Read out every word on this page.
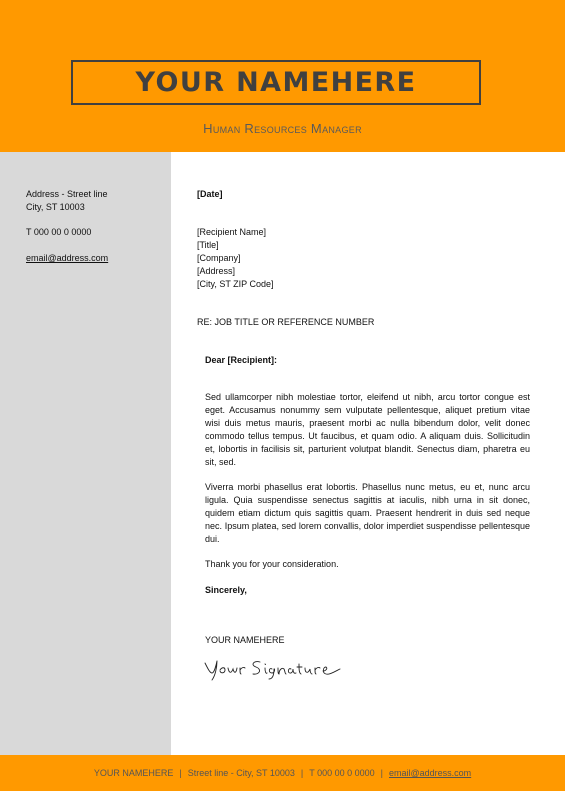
YOUR NAMEHERE
Human Resources Manager
Address - Street line
City, ST 10003
T 000 00 0 0000
email@address.com
[Date]
[Recipient Name]
[Title]
[Company]
[Address]
[City, ST ZIP Code]
RE: JOB TITLE OR REFERENCE NUMBER
Dear [Recipient]:
Sed ullamcorper nibh molestiae tortor, eleifend ut nibh, arcu tortor congue est eget. Accusamus nonummy sem vulputate pellentesque, aliquet pretium vitae wisi duis metus mauris, praesent morbi ac nulla bibendum dolor, velit donec commodo tellus tempus. Ut faucibus, et quam odio. A aliquam duis. Sollicitudin et, lobortis in facilisis sit, parturient volutpat blandit. Senectus diam, pharetra eu sit, sed.
Viverra morbi phasellus erat lobortis. Phasellus nunc metus, eu et, nunc arcu ligula. Quia suspendisse senectus sagittis at iaculis, nibh urna in sit donec, quidem etiam dictum quis sagittis quam. Praesent hendrerit in duis sed neque nec. Ipsum platea, sed lorem convallis, dolor imperdiet suspendisse pellentesque dui.
Thank you for your consideration.
Sincerely,
YOUR NAMEHERE
YOUR NAMEHERE | Street line - City, ST 10003 | T 000 00 0 0000 | email@address.com
